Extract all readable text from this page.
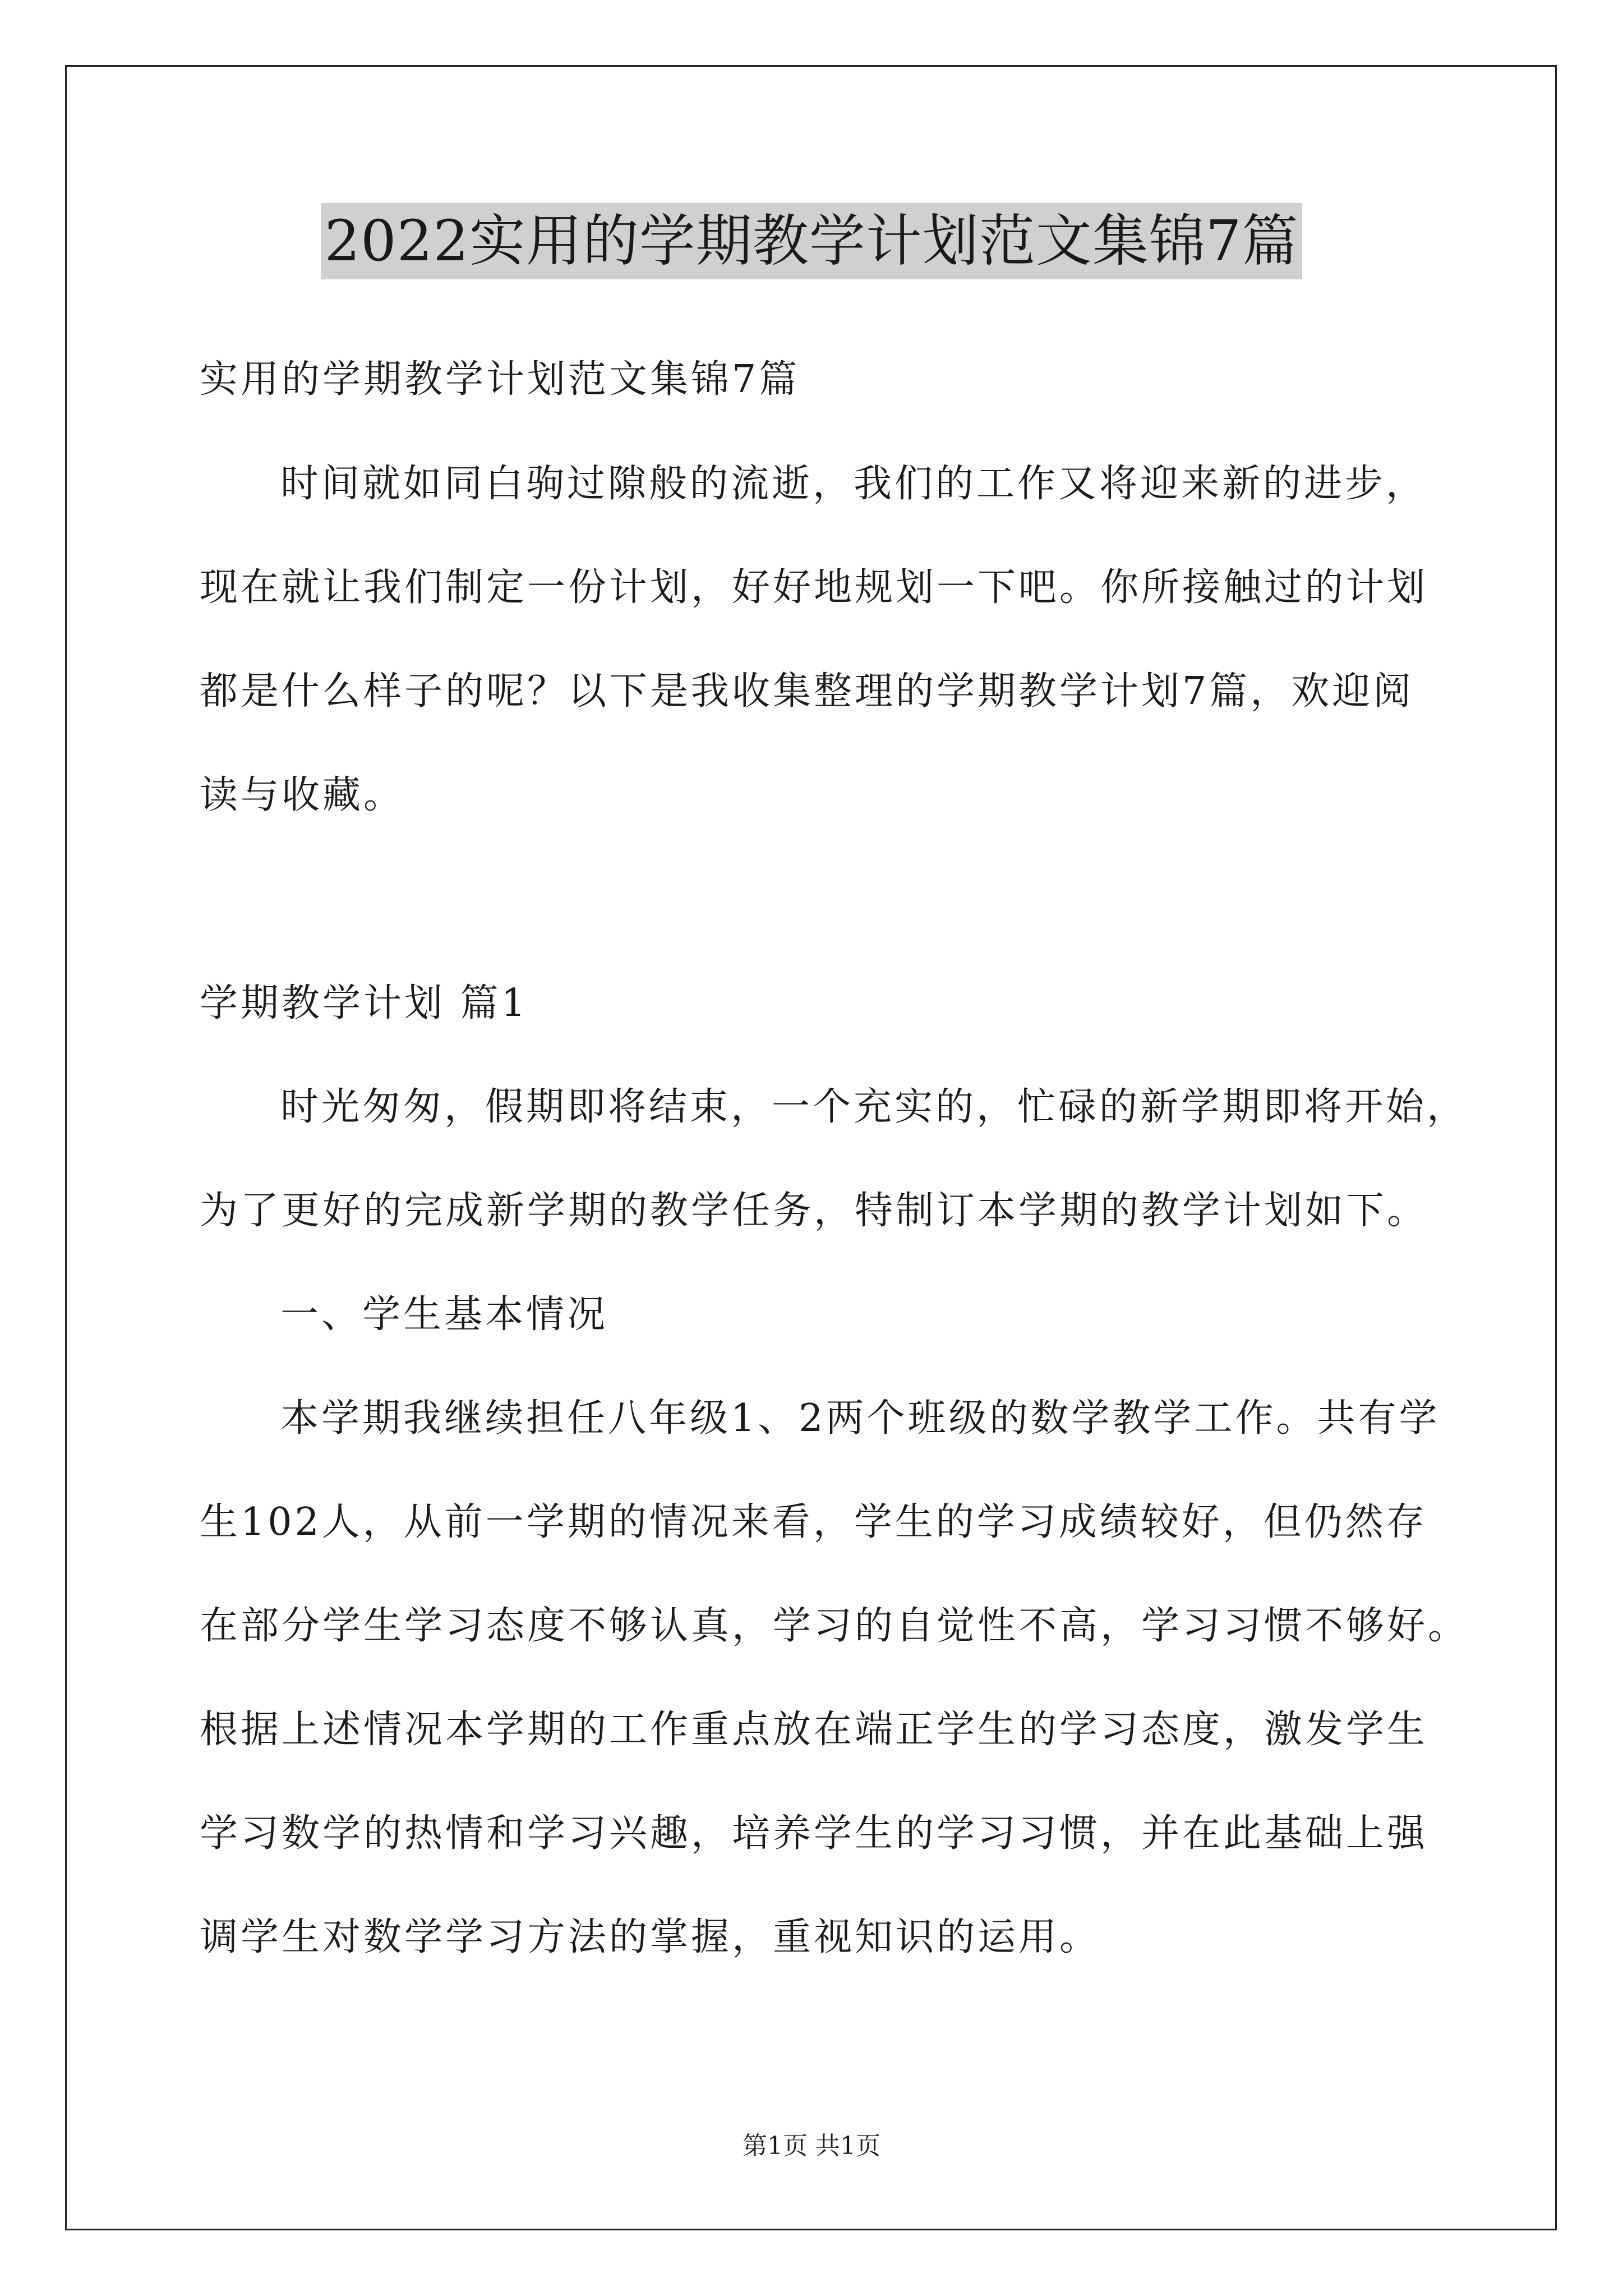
2022实用的学期教学计划范文集锦7篇
实用的学期教学计划范文集锦7篇
时间就如同白驹过隙般的流逝，我们的工作又将迎来新的进步，
现在就让我们制定一份计划，好好地规划一下吧。你所接触过的计划
都是什么样子的呢？以下是我收集整理的学期教学计划7篇，欢迎阅
读与收藏。
学期教学计划 篇1
时光匆匆，假期即将结束，一个充实的，忙碌的新学期即将开始，
为了更好的完成新学期的教学任务，特制订本学期的教学计划如下。
一、学生基本情况
本学期我继续担任八年级1、2两个班级的数学教学工作。共有学
生102人，从前一学期的情况来看，学生的学习成绩较好，但仍然存
在部分学生学习态度不够认真，学习的自觉性不高，学习习惯不够好。
根据上述情况本学期的工作重点放在端正学生的学习态度，激发学生
学习数学的热情和学习兴趣，培养学生的学习习惯，并在此基础上强
调学生对数学学习方法的掌握，重视知识的运用。
第1页 共1页
